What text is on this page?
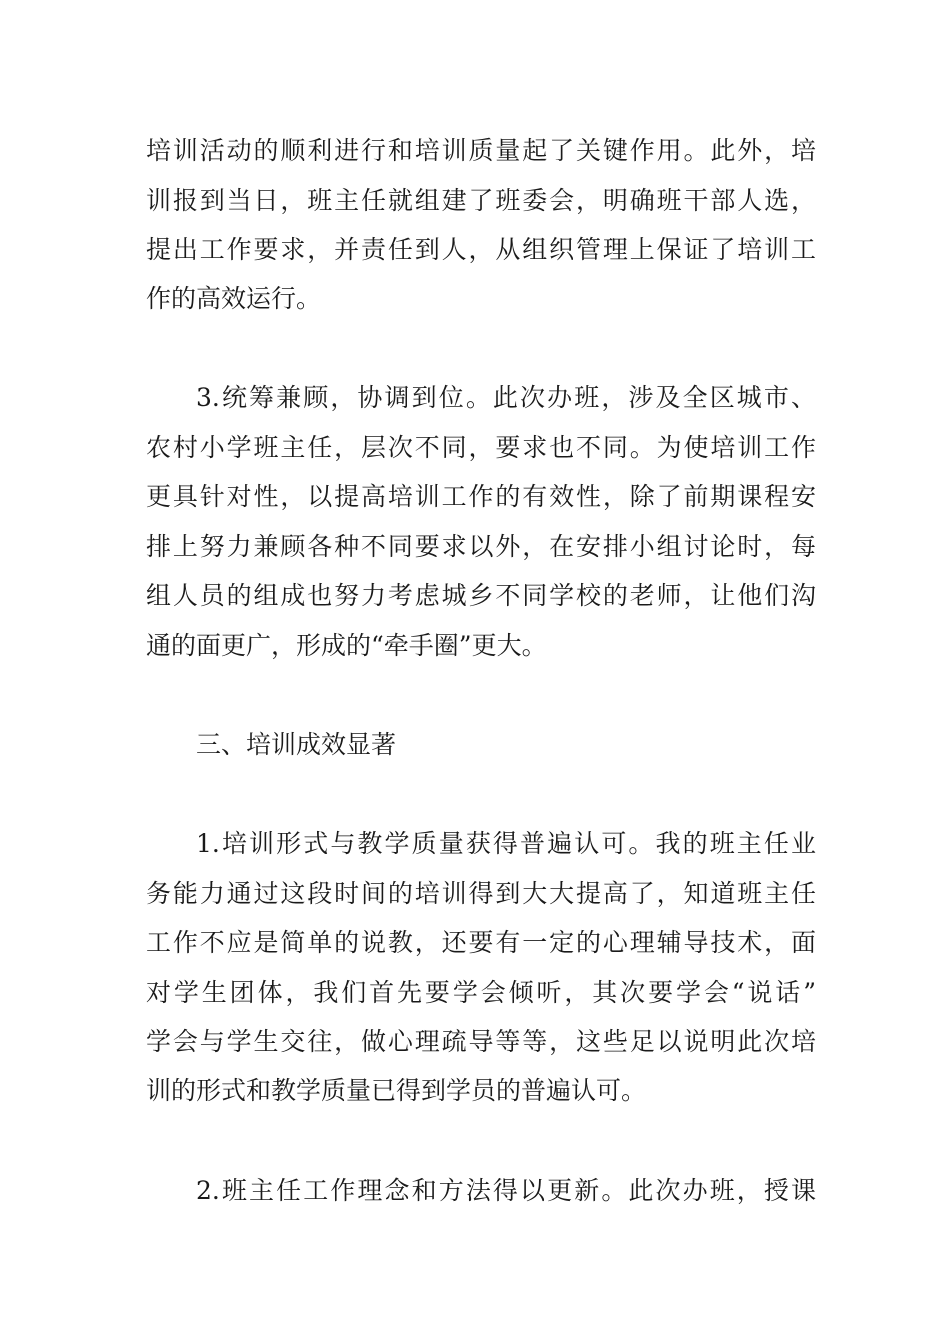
培训活动的顺利进行和培训质量起了关键作用。此外，培
训报到当日，班主任就组建了班委会，明确班干部人选，
提出工作要求，并责任到人，从组织管理上保证了培训工
作的高效运行。
3.统筹兼顾，协调到位。此次办班，涉及全区城市、
农村小学班主任，层次不同，要求也不同。为使培训工作
更具针对性，以提高培训工作的有效性，除了前期课程安
排上努力兼顾各种不同要求以外，在安排小组讨论时，每
组人员的组成也努力考虑城乡不同学校的老师，让他们沟
通的面更广，形成的“牵手圈”更大。
三、培训成效显著
1.培训形式与教学质量获得普遍认可。我的班主任业
务能力通过这段时间的培训得到大大提高了，知道班主任
工作不应是简单的说教，还要有一定的心理辅导技术，面
对学生团体，我们首先要学会倾听，其次要学会“说话”
学会与学生交往，做心理疏导等等，这些足以说明此次培
训的形式和教学质量已得到学员的普遍认可。
2.班主任工作理念和方法得以更新。此次办班，授课
